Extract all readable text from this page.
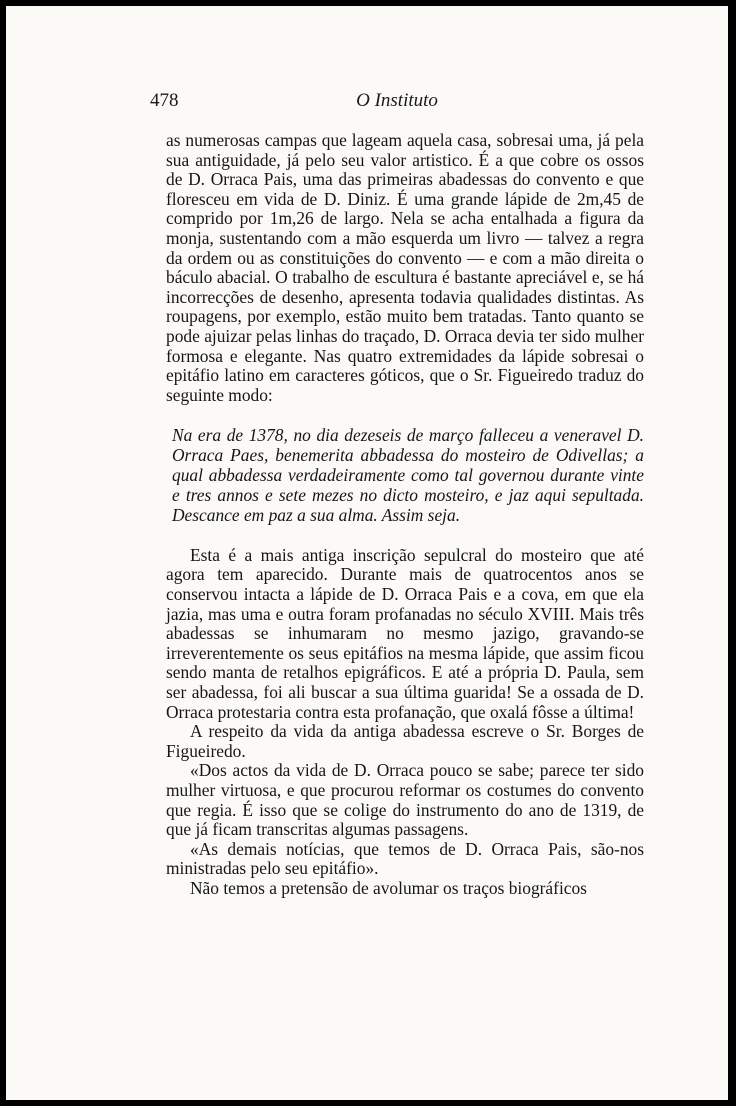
478	O Instituto

as numerosas campas que lageam aquela casa, sobresai uma, já pela sua antiguidade, já pelo seu valor artistico. É a que cobre os ossos de D. Orraca Pais, uma das primeiras abadessas do convento e que floresceu em vida de D. Diniz. É uma grande lápide de 2m,45 de comprido por 1m,26 de largo. Nela se acha entalhada a figura da monja, sustentando com a mão esquerda um livro — talvez a regra da ordem ou as constituições do convento — e com a mão direita o báculo abacial. O trabalho de escultura é bastante apreciável e, se há incorrecções de desenho, apresenta todavia qualidades distintas. As roupagens, por exemplo, estão muito bem tratadas. Tanto quanto se pode ajuizar pelas linhas do traçado, D. Orraca devia ter sido mulher formosa e elegante. Nas quatro extremidades da lápide sobresai o epitáfio latino em caracteres góticos, que o Sr. Figueiredo traduz do seguinte modo:

Na era de 1378, no dia dezeseis de março falleceu a veneravel D. Orraca Paes, benemerita abbadessa do mosteiro de Odivellas; a qual abbadessa verdadeiramente como tal governou durante vinte e tres annos e sete mezes no dicto mosteiro, e jaz aqui sepultada. Descance em paz a sua alma. Assim seja.

Esta é a mais antiga inscrição sepulcral do mosteiro que até agora tem aparecido. Durante mais de quatrocentos anos se conservou intacta a lápide de D. Orraca Pais e a cova, em que ela jazia, mas uma e outra foram profanadas no século XVIII. Mais três abadessas se inhumaram no mesmo jazigo, gravando-se irreverentemente os seus epitáfios na mesma lápide, que assim ficou sendo manta de retalhos epigráficos. E até a própria D. Paula, sem ser abadessa, foi ali buscar a sua última guarida! Se a ossada de D. Orraca protestaria contra esta profanação, que oxalá fôsse a última!

A respeito da vida da antiga abadessa escreve o Sr. Borges de Figueiredo.

«Dos actos da vida de D. Orraca pouco se sabe; parece ter sido mulher virtuosa, e que procurou reformar os costumes do convento que regia. É isso que se colige do instrumento do ano de 1319, de que já ficam transcritas algumas passagens.

«As demais notícias, que temos de D. Orraca Pais, são-nos ministradas pelo seu epitáfio».

Não temos a pretensão de avolumar os traços biográficos
